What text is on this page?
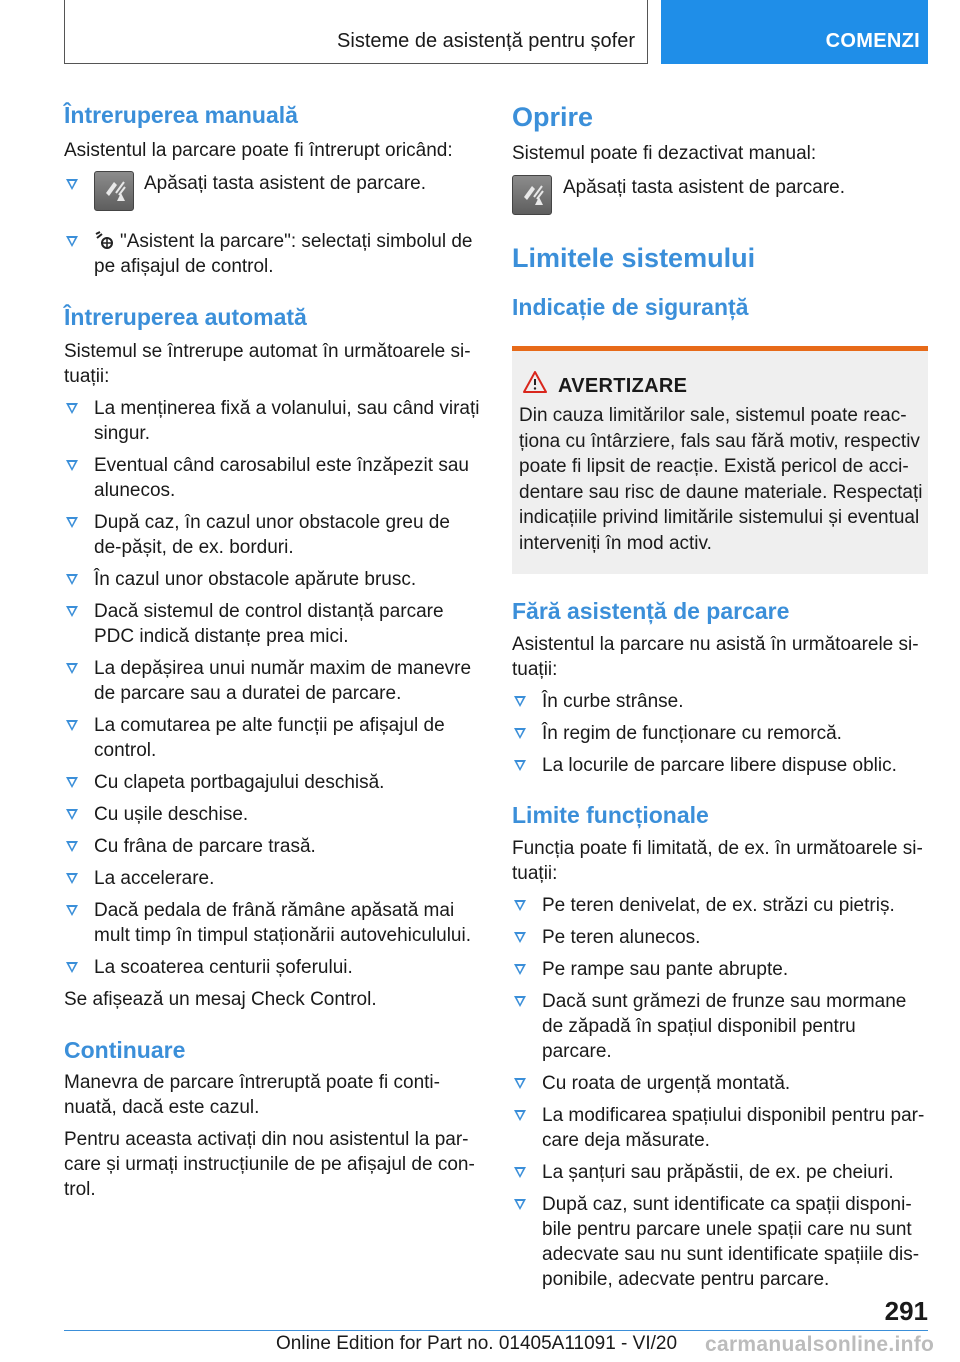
Sisteme de asistență pentru șofer	COMENZI
Întreruperea manuală

Asistentul la parcare poate fi întrerupt oricând:

Apăsați tasta asistent de parcare.
"Asistent la parcare": selectați simbolul de pe afișajul de control.
Întreruperea automată

Sistemul se întrerupe automat în următoarele si-tuații:

La menținerea fixă a volanului, sau când virați singur.
Eventual când carosabilul este înzăpezit sau alunecos.
După caz, în cazul unor obstacole greu de de-pășit, de ex. borduri.
În cazul unor obstacole apărute brusc.
Dacă sistemul de control distanță parcare PDC indică distanțe prea mici.
La depășirea unui număr maxim de manevre de parcare sau a duratei de parcare.
La comutarea pe alte funcții pe afișajul de control.
Cu clapeta portbagajului deschisă.
Cu ușile deschise.
Cu frâna de parcare trasă.
La accelerare.
Dacă pedala de frână rămâne apăsată mai mult timp în timpul staționării autovehiculului.
La scoaterea centurii șoferului.

Se afișează un mesaj Check Control.

Continuare

Manevra de parcare întreruptă poate fi conti-nuată, dacă este cazul.

Pentru aceasta activați din nou asistentul la par-care și urmați instrucțiunile de pe afișajul de con-trol.

Oprire

Sistemul poate fi dezactivat manual:

Apăsați tasta asistent de parcare.
Limitele sistemului
Indicație de siguranță
AVERTIZARE
Din cauza limitărilor sale, sistemul poate reac-ționa cu întârziere, fals sau fără motiv, respectiv poate fi lipsit de reacție. Există pericol de acci-dentare sau risc de daune materiale. Respectați indicațiile privind limitările sistemului și eventual interveniți în mod activ.
Fără asistență de parcare

Asistentul la parcare nu asistă în următoarele si-tuații:

În curbe strânse.
În regim de funcționare cu remorcă.
La locurile de parcare libere dispuse oblic.
Limite funcționale

Funcția poate fi limitată, de ex. în următoarele si-tuații:

Pe teren denivelat, de ex. străzi cu pietriș.
Pe teren alunecos.
Pe rampe sau pante abrupte.
Dacă sunt grămezi de frunze sau mormane de zăpadă în spațiul disponibil pentru parcare.
Cu roata de urgență montată.
La modificarea spațiului disponibil pentru par-care deja măsurate.
La șanțuri sau prăpăstii, de ex. pe cheiuri.
După caz, sunt identificate ca spații disponi-bile pentru parcare unele spații care nu sunt adecvate sau nu sunt identificate spațiile dis-ponibile, adecvate pentru parcare.
291
Online Edition for Part no. 01405A11091 - VI/20 carmanualsonline.info
